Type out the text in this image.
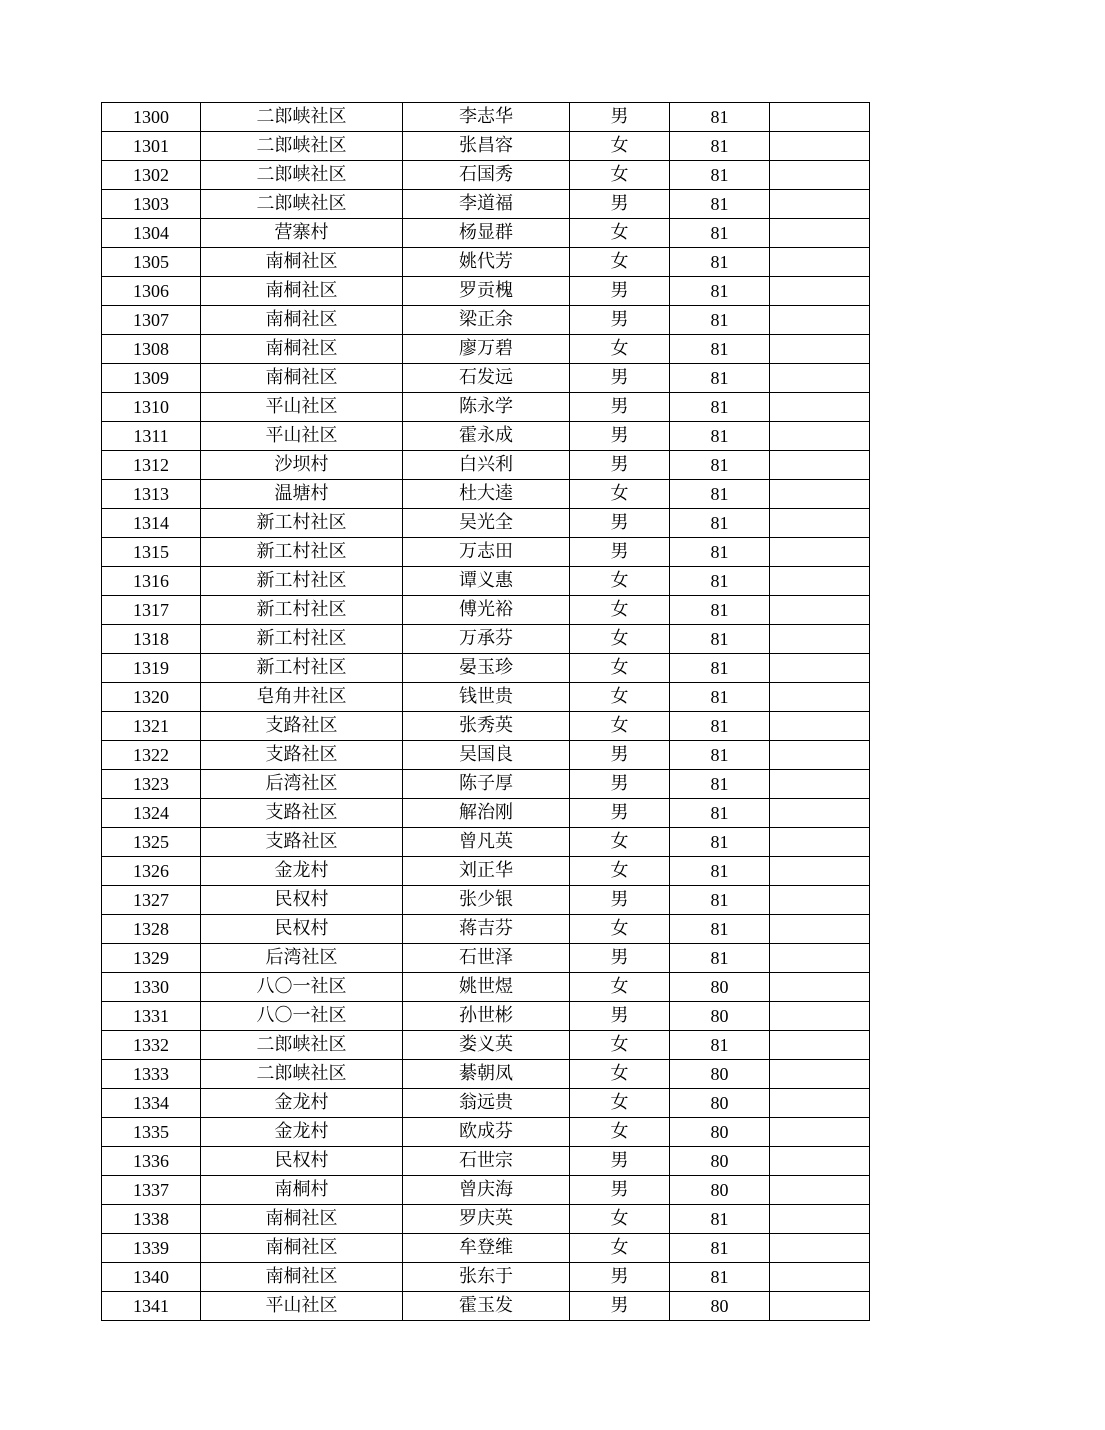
1300	二郎峡社区	李志华	男	81	
1301	二郎峡社区	张昌容	女	81	
1302	二郎峡社区	石国秀	女	81	
1303	二郎峡社区	李道福	男	81	
1304	营寨村	杨显群	女	81	
1305	南桐社区	姚代芳	女	81	
1306	南桐社区	罗贡槐	男	81	
1307	南桐社区	梁正余	男	81	
1308	南桐社区	廖万碧	女	81	
1309	南桐社区	石发远	男	81	
1310	平山社区	陈永学	男	81	
1311	平山社区	霍永成	男	81	
1312	沙坝村	白兴利	男	81	
1313	温塘村	杜大逵	女	81	
1314	新工村社区	吴光全	男	81	
1315	新工村社区	万志田	男	81	
1316	新工村社区	谭义惠	女	81	
1317	新工村社区	傅光裕	女	81	
1318	新工村社区	万承芬	女	81	
1319	新工村社区	晏玉珍	女	81	
1320	皂角井社区	钱世贵	女	81	
1321	支路社区	张秀英	女	81	
1322	支路社区	吴国良	男	81	
1323	后湾社区	陈子厚	男	81	
1324	支路社区	解治刚	男	81	
1325	支路社区	曾凡英	女	81	
1326	金龙村	刘正华	女	81	
1327	民权村	张少银	男	81	
1328	民权村	蒋吉芬	女	81	
1329	后湾社区	石世泽	男	81	
1330	八〇一社区	姚世煜	女	80	
1331	八〇一社区	孙世彬	男	80	
1332	二郎峡社区	娄义英	女	81	
1333	二郎峡社区	綦朝凤	女	80	
1334	金龙村	翁远贵	女	80	
1335	金龙村	欧成芬	女	80	
1336	民权村	石世宗	男	80	
1337	南桐村	曾庆海	男	80	
1338	南桐社区	罗庆英	女	81	
1339	南桐社区	牟登维	女	81	
1340	南桐社区	张东于	男	81	
1341	平山社区	霍玉发	男	80	
